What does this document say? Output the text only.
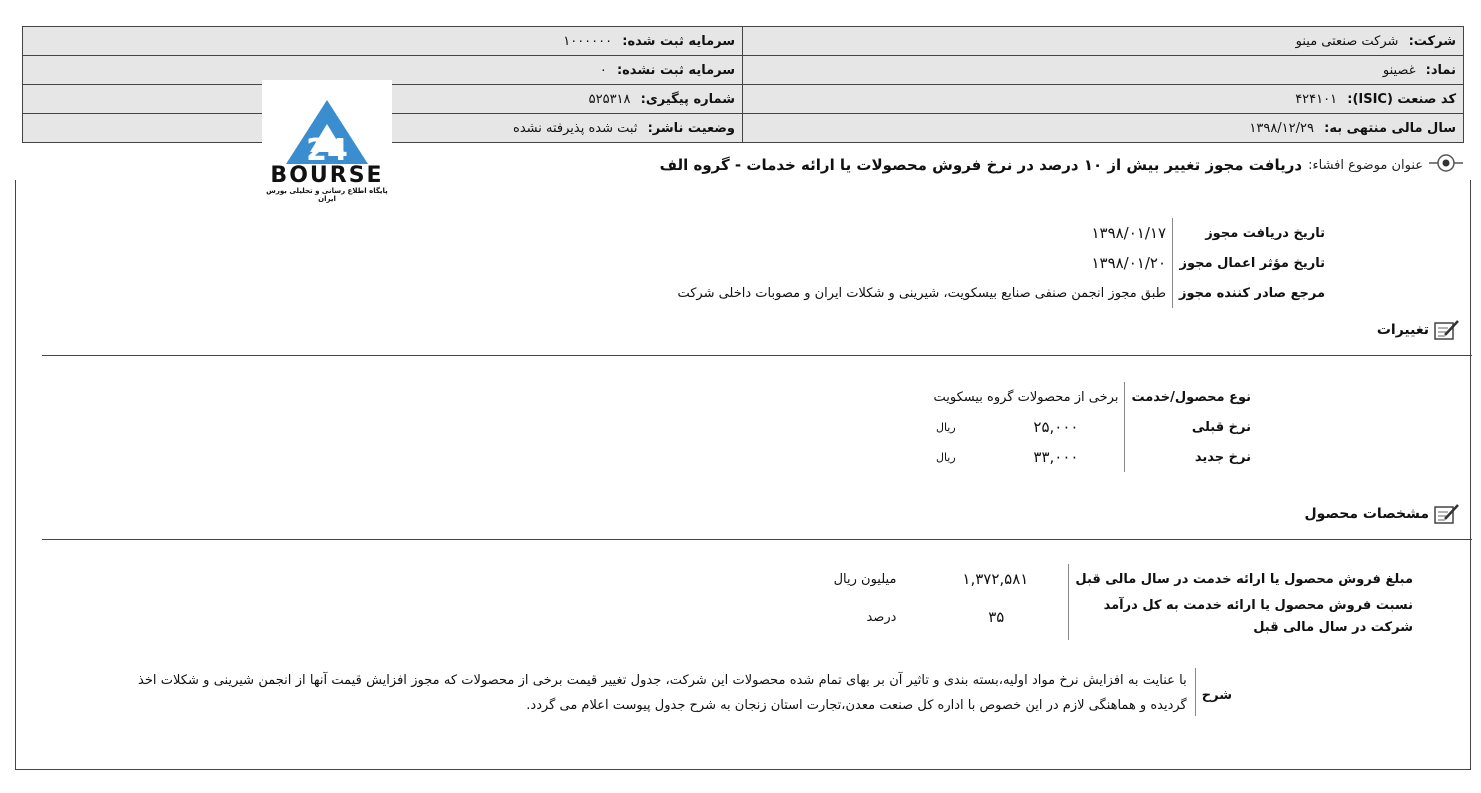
شرکت: شرکت صنعتی مینو	سرمایه ثبت شده: ۱۰۰۰۰۰۰
نماد: غصینو	سرمایه ثبت نشده: ۰
کد صنعت (ISIC): ۴۲۴۱۰۱	شماره پیگیری: ۵۲۵۳۱۸
سال مالی منتهی به: ۱۳۹۸/۱۲/۲۹	وضعیت ناشر: ثبت شده پذیرفته نشده
24
BOURSE
پایگاه اطلاع رسانی و تحلیلی بورس ایران
عنوان موضوع افشاء:
دریافت مجوز تغییر بیش از ۱۰ درصد در نرخ فروش محصولات یا ارائه خدمات - گروه الف
تاریخ دریافت مجوز	۱۳۹۸/۰۱/۱۷
تاریخ مؤثر اعمال مجوز	۱۳۹۸/۰۱/۲۰
مرجع صادر کننده مجوز	طبق مجوز انجمن صنفی صنایع بیسکویت، شیرینی و شکلات ایران و مصوبات داخلی شرکت
تغییرات
نوع محصول/خدمت	برخی از محصولات گروه بیسکویت	
نرخ قبلی	۲۵,۰۰۰	ریال
نرخ جدید	۳۳,۰۰۰	ریال
مشخصات محصول
مبلغ فروش محصول یا ارائه خدمت در سال مالی قبل	۱,۳۷۲,۵۸۱	میلیون ریال
نسبت فروش محصول یا ارائه خدمت به کل درآمد شرکت در سال مالی قبل	۳۵	درصد
شرح
با عنایت به افزایش نرخ مواد اولیه،بسته بندی و تاثیر آن بر بهای تمام شده محصولات این شرکت، جدول تغییر قیمت برخی از محصولات که مجوز افزایش قیمت آنها از انجمن شیرینی و شکلات اخذ گردیده و هماهنگی لازم در این خصوص با اداره کل صنعت معدن،تجارت استان زنجان به شرح جدول پیوست اعلام می گردد.
